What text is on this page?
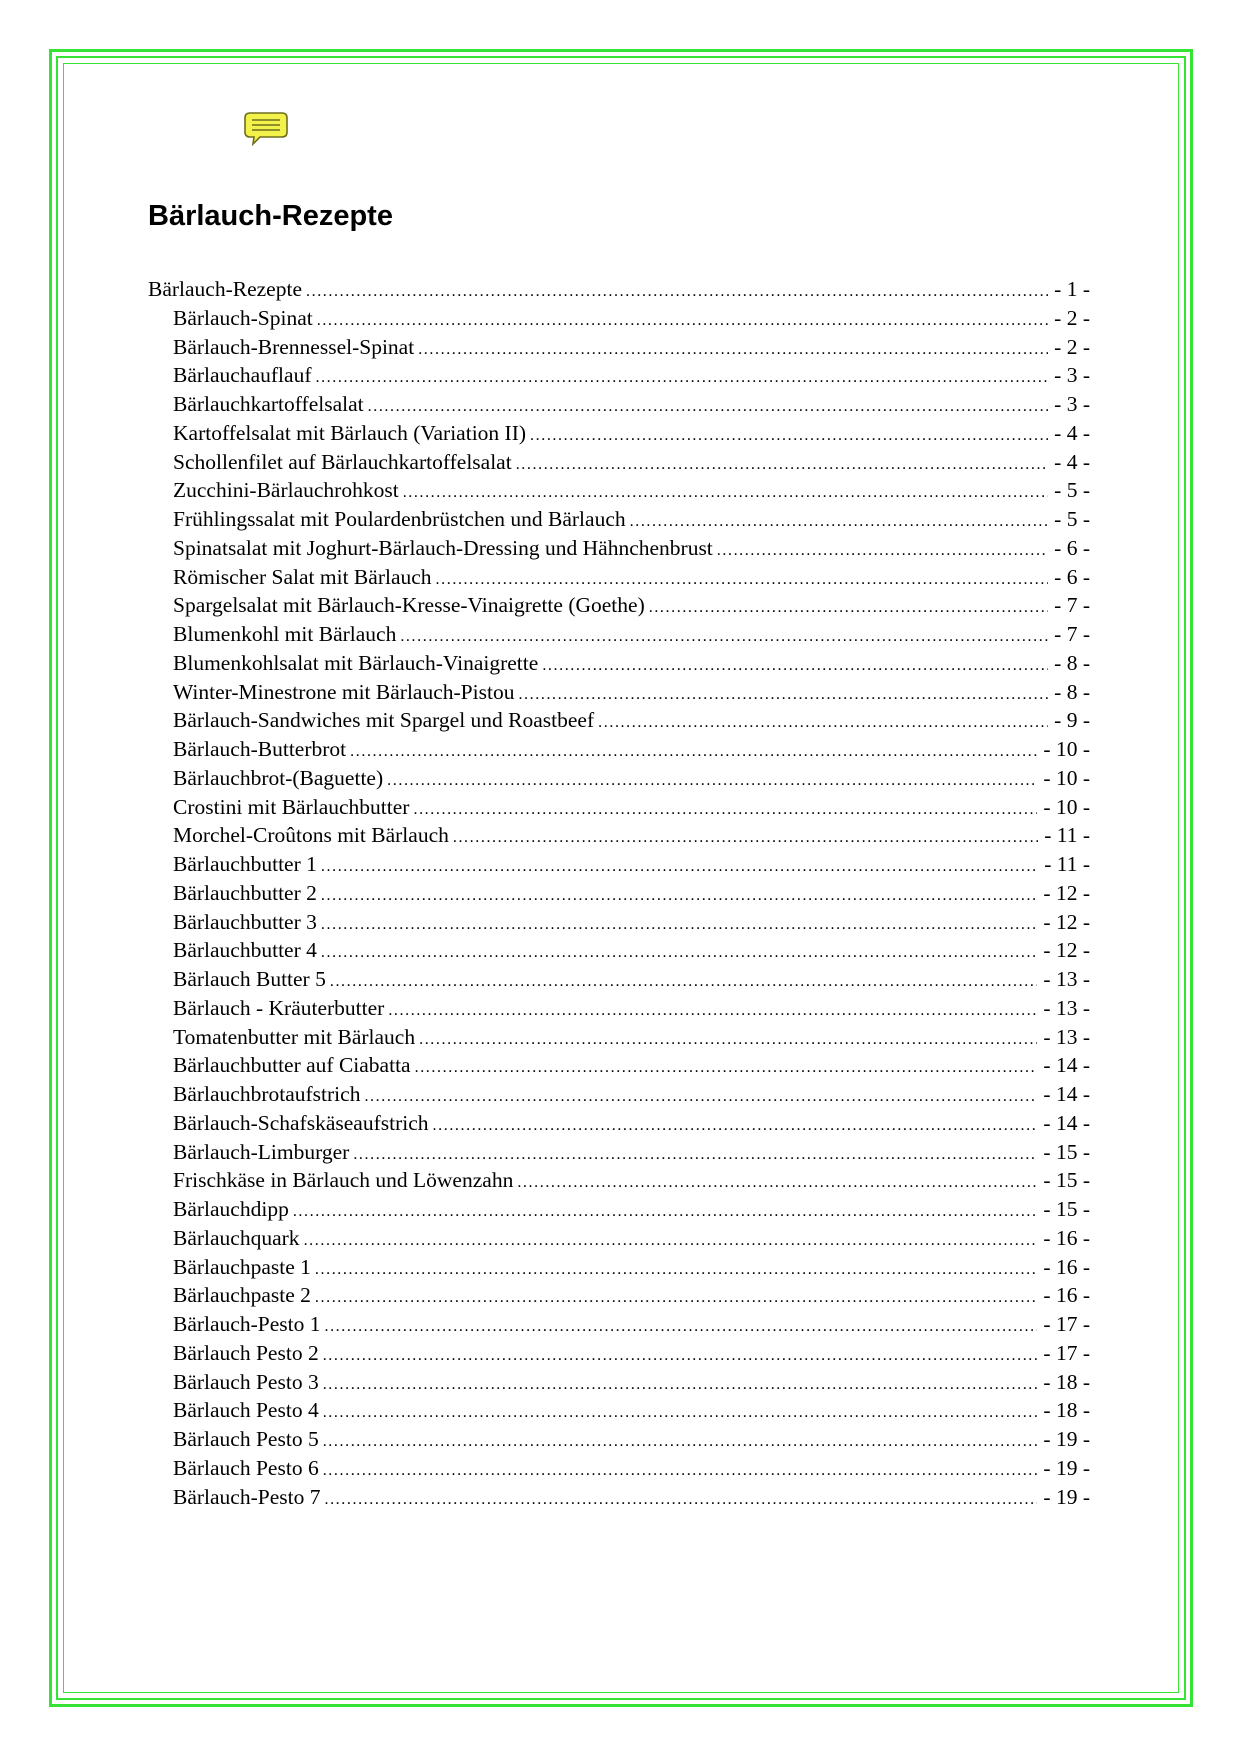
Bärlauch-Rezepte
Bärlauch-Rezepte .....	- 1 -
Bärlauch-Spinat .....	- 2 -
Bärlauch-Brennessel-Spinat .....	- 2 -
Bärlauchauflauf .....	- 3 -
Bärlauchkartoffelsalat .....	- 3 -
Kartoffelsalat mit Bärlauch (Variation II) .....	- 4 -
Schollenfilet auf Bärlauchkartoffelsalat .....	- 4 -
Zucchini-Bärlauchrohkost .....	- 5 -
Frühlingssalat mit Poulardenbrüstchen und Bärlauch .....	- 5 -
Spinatsalat mit Joghurt-Bärlauch-Dressing und Hähnchenbrust .....	- 6 -
Römischer Salat mit Bärlauch .....	- 6 -
Spargelsalat mit Bärlauch-Kresse-Vinaigrette (Goethe) .....	- 7 -
Blumenkohl mit Bärlauch .....	- 7 -
Blumenkohlsalat mit Bärlauch-Vinaigrette .....	- 8 -
Winter-Minestrone mit Bärlauch-Pistou .....	- 8 -
Bärlauch-Sandwiches mit Spargel und Roastbeef .....	- 9 -
Bärlauch-Butterbrot .....	- 10 -
Bärlauchbrot-(Baguette) .....	- 10 -
Crostini mit Bärlauchbutter .....	- 10 -
Morchel-Croûtons mit Bärlauch .....	- 11 -
Bärlauchbutter 1 .....	- 11 -
Bärlauchbutter 2 .....	- 12 -
Bärlauchbutter 3 .....	- 12 -
Bärlauchbutter 4 .....	- 12 -
Bärlauch Butter 5 .....	- 13 -
Bärlauch - Kräuterbutter .....	- 13 -
Tomatenbutter mit Bärlauch .....	- 13 -
Bärlauchbutter auf Ciabatta .....	- 14 -
Bärlauchbrotaufstrich .....	- 14 -
Bärlauch-Schafskäseaufstrich .....	- 14 -
Bärlauch-Limburger .....	- 15 -
Frischkäse in Bärlauch und Löwenzahn .....	- 15 -
Bärlauchdipp .....	- 15 -
Bärlauchquark .....	- 16 -
Bärlauchpaste 1 .....	- 16 -
Bärlauchpaste 2 .....	- 16 -
Bärlauch-Pesto 1 .....	- 17 -
Bärlauch Pesto 2 .....	- 17 -
Bärlauch Pesto 3 .....	- 18 -
Bärlauch Pesto 4 .....	- 18 -
Bärlauch Pesto 5 .....	- 19 -
Bärlauch Pesto 6 .....	- 19 -
Bärlauch-Pesto 7 .....	- 19 -
